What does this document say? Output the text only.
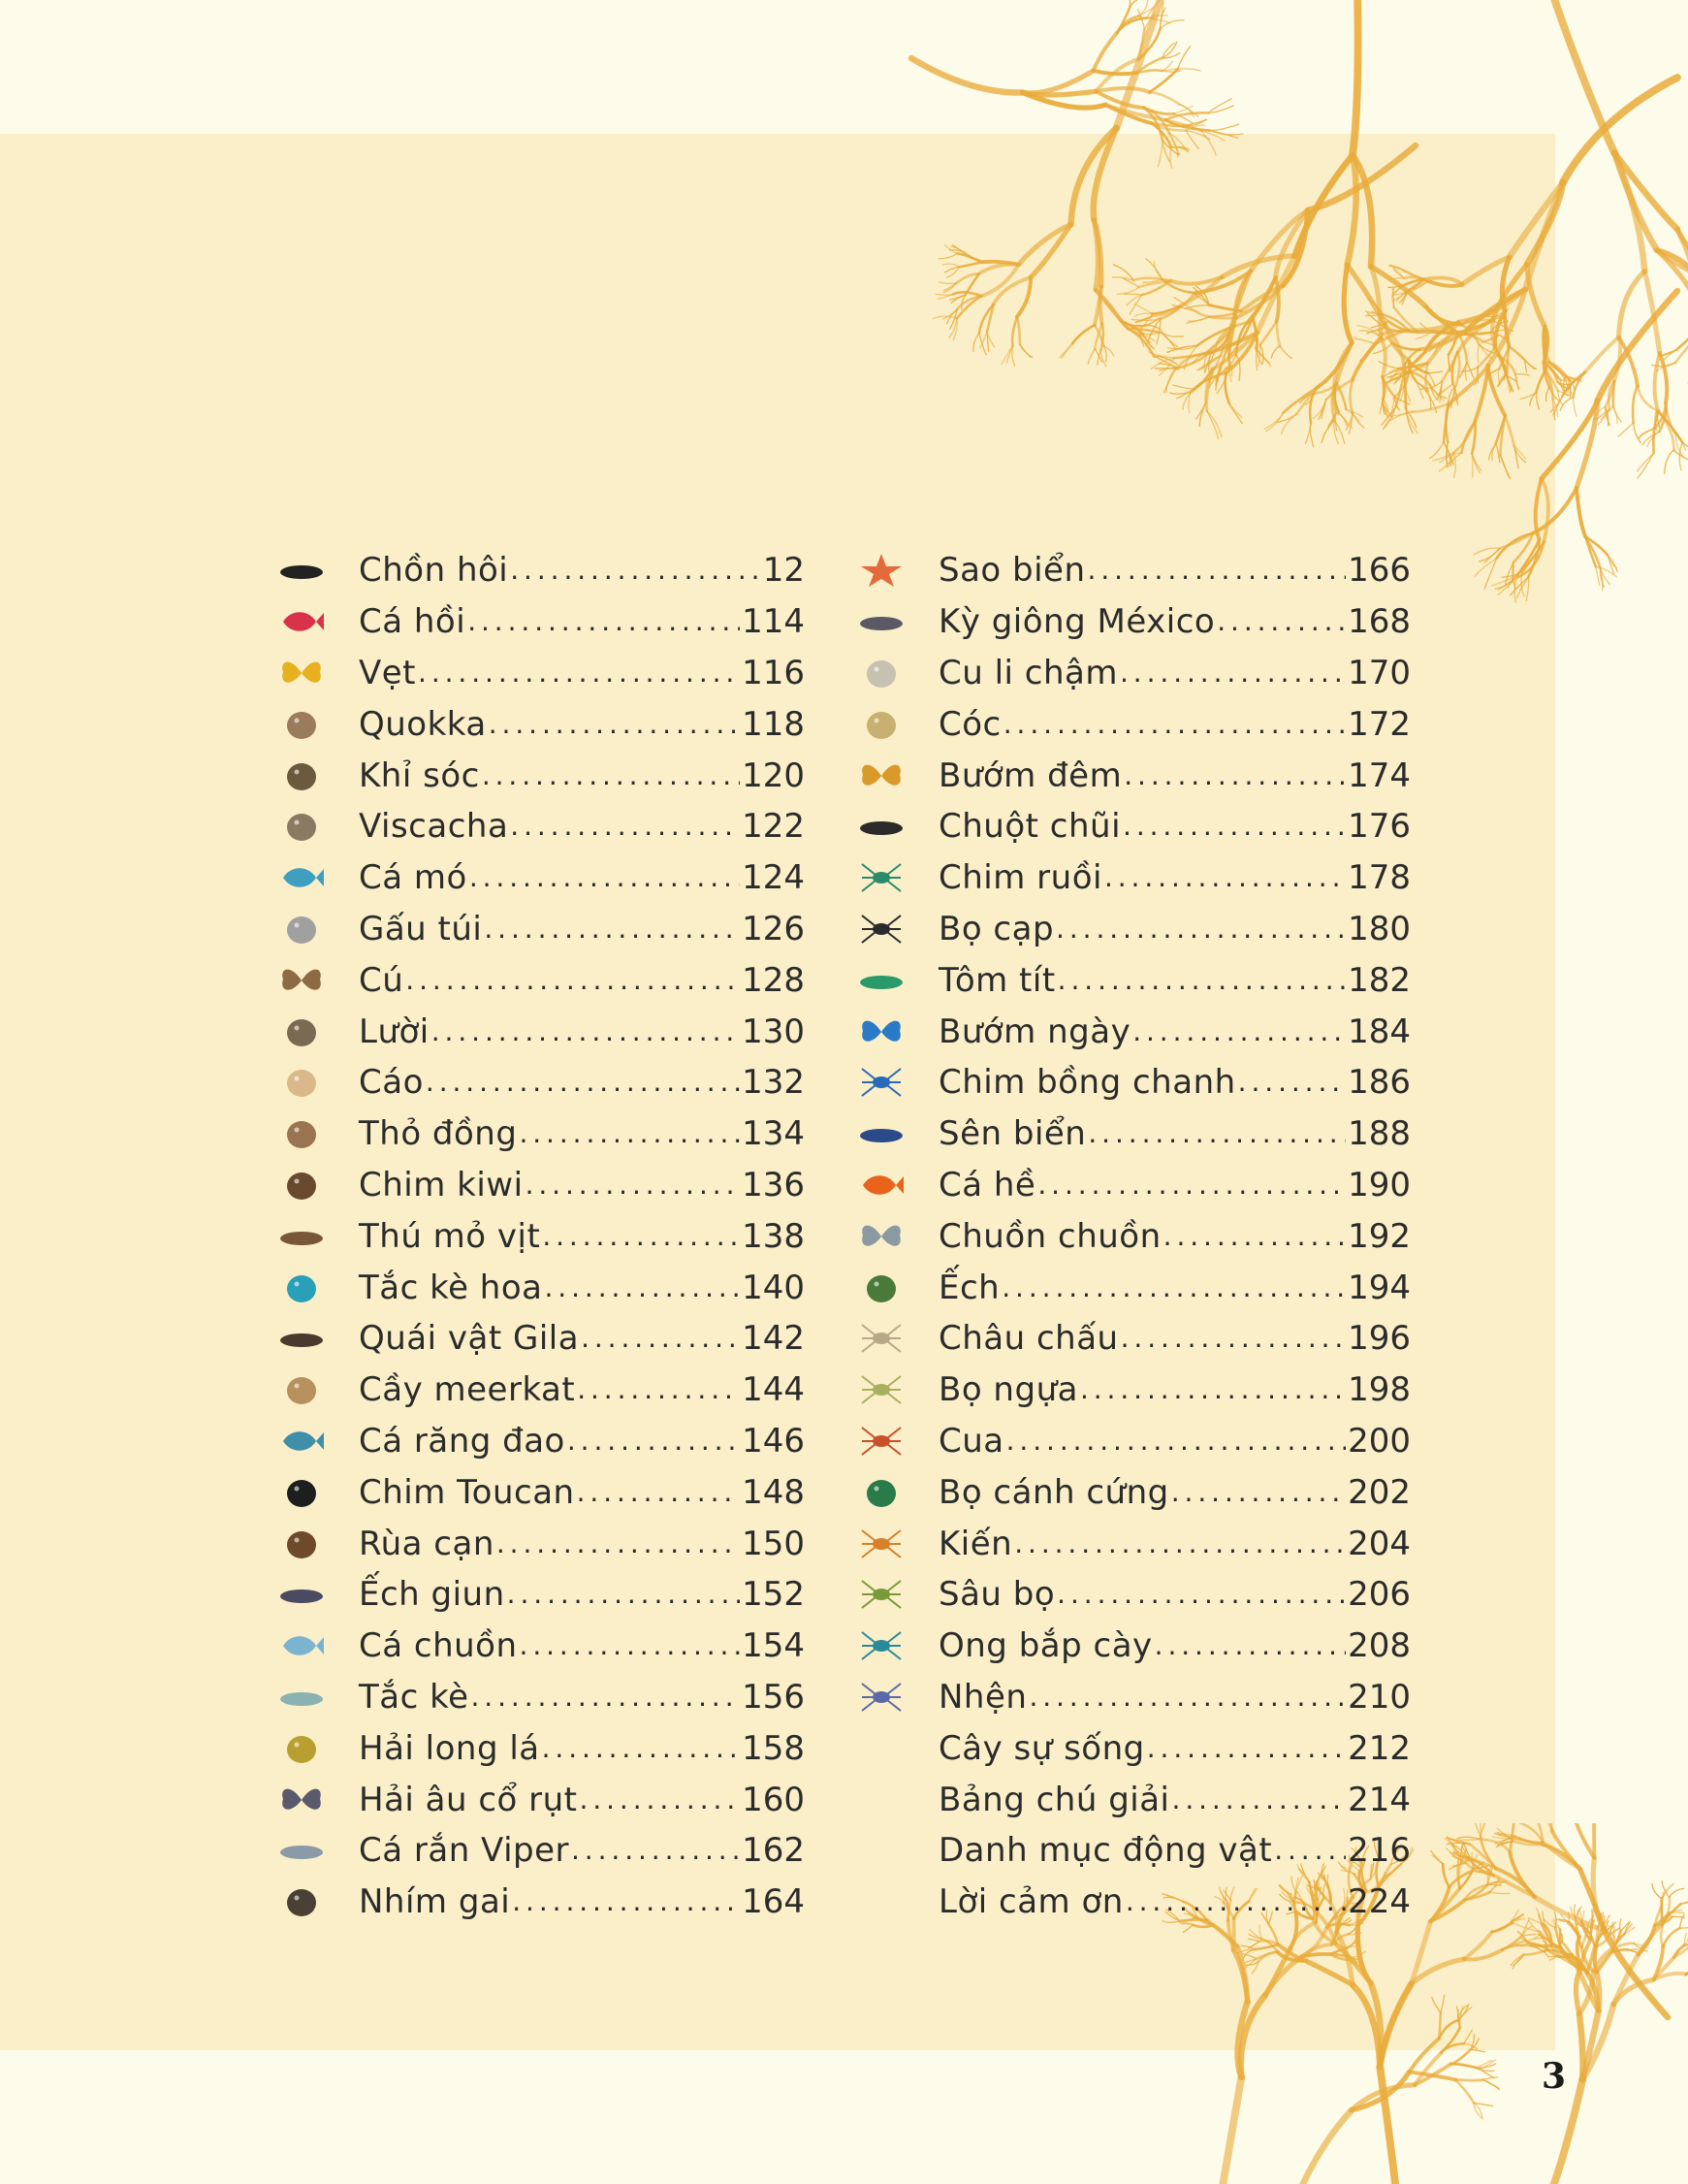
Chồn hôi . . .	12
Cá hồi . . .	114
Vẹt . . .	116
Quokka . . .	118
Khỉ sóc . . .	120
Viscacha . . .	122
Cá mó . . .	124
Gấu túi . . .	126
Cú . . .	128
Lười . . .	130
Cáo . . .	132
Thỏ đồng . . .	134
Chim kiwi . . .	136
Thú mỏ vịt . . .	138
Tắc kè hoa . . .	140
Quái vật Gila . . .	142
Cầy meerkat . . .	144
Cá răng đao . . .	146
Chim Toucan . . .	148
Rùa cạn . . .	150
Ếch giun . . .	152
Cá chuồn . . .	154
Tắc kè . . .	156
Hải long lá . . .	158
Hải âu cổ rụt . . .	160
Cá rắn Viper . . .	162
Nhím gai . . .	164
Sao biển . . .	166
Kỳ giông México . . .	168
Cu li chậm . . .	170
Cóc . . .	172
Bướm đêm . . .	174
Chuột chũi . . .	176
Chim ruồi . . .	178
Bọ cạp . . .	180
Tôm tít . . .	182
Bướm ngày . . .	184
Chim bồng chanh . . .	186
Sên biển . . .	188
Cá hề . . .	190
Chuồn chuồn . . .	192
Ếch . . .	194
Châu chấu . . .	196
Bọ ngựa . . .	198
Cua . . .	200
Bọ cánh cứng . . .	202
Kiến . . .	204
Sâu bọ . . .	206
Ong bắp cày . . .	208
Nhện . . .	210
Cây sự sống . . .	212
Bảng chú giải . . .	214
Danh mục động vật . . . 216
Lời cảm ơn . . .	224
3
